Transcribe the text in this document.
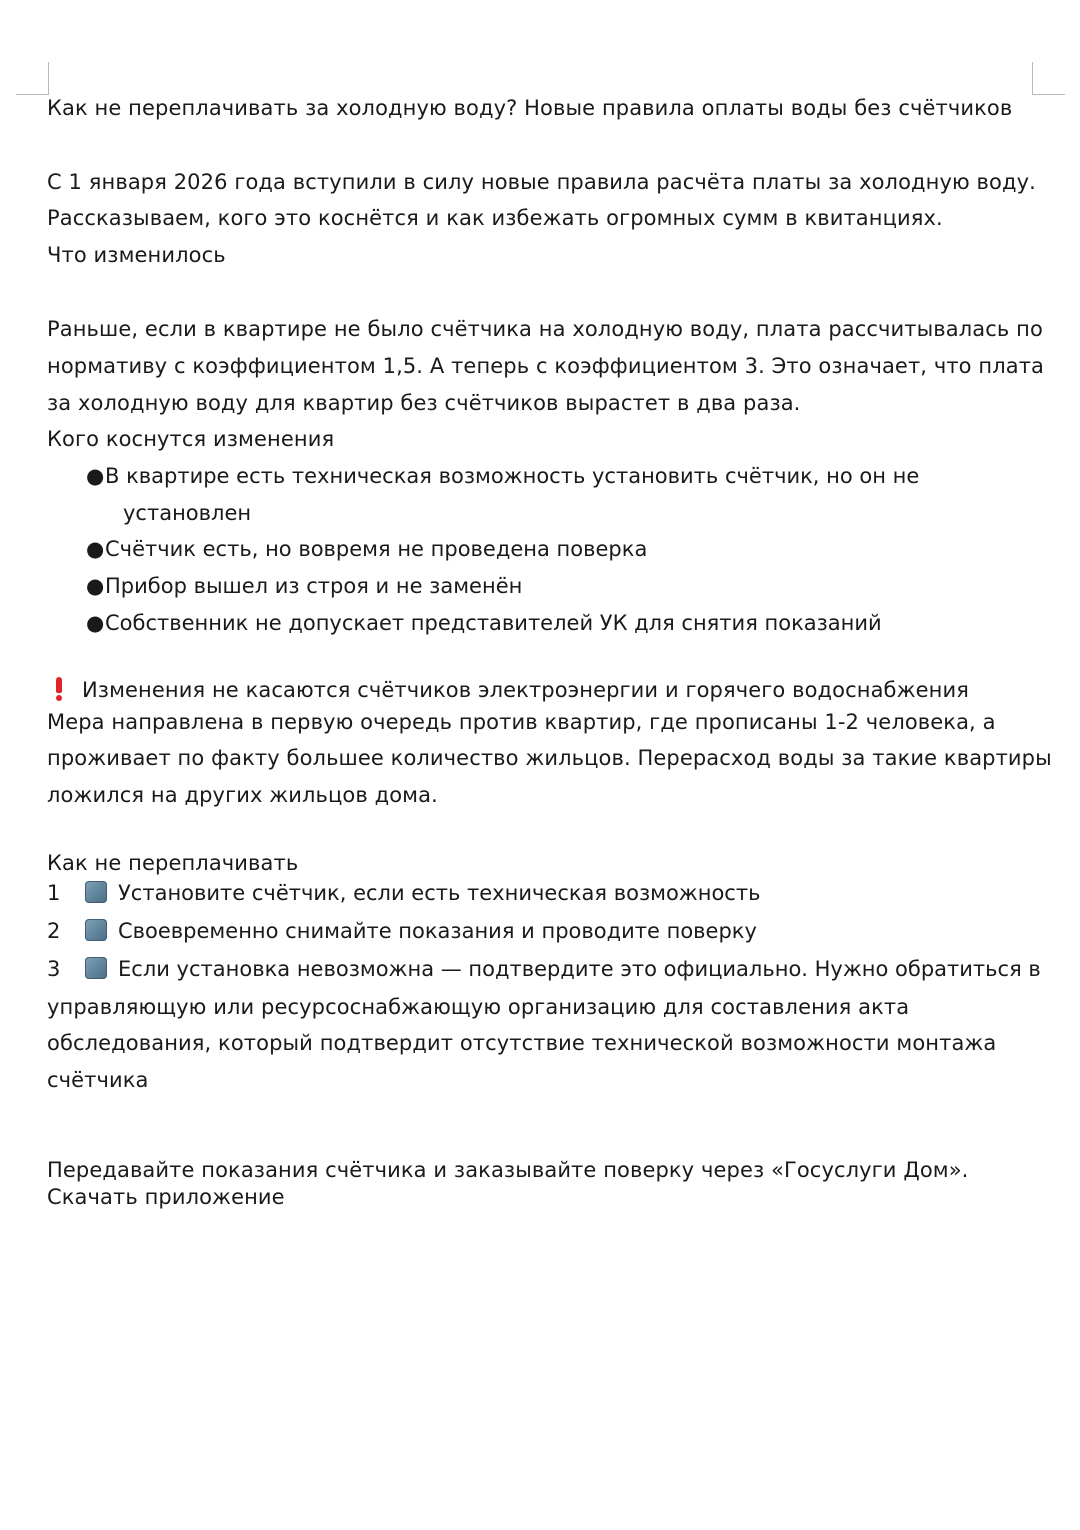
Как не переплачивать за холодную воду? Новые правила оплаты воды без счётчиков
С 1 января 2026 года вступили в силу новые правила расчёта платы за холодную воду.
Рассказываем, кого это коснётся и как избежать огромных сумм в квитанциях.
Что изменилось
Раньше, если в квартире не было счётчика на холодную воду, плата рассчитывалась по
нормативу с коэффициентом 1,5. А теперь с коэффициентом 3. Это означает, что плата
за холодную воду для квартир без счётчиков вырастет в два раза.
Кого коснутся изменения
●В квартире есть техническая возможность установить счётчик, но он не
установлен
●Счётчик есть, но вовремя не проведена поверка
●Прибор вышел из строя и не заменён
●Собственник не допускает представителей УК для снятия показаний
Изменения не касаются счётчиков электроэнергии и горячего водоснабжения
Мера направлена в первую очередь против квартир, где прописаны 1-2 человека, а
проживает по факту большее количество жильцов. Перерасход воды за такие квартиры
ложился на других жильцов дома.
Как не переплачивать
1	Установите счётчик, если есть техническая возможность
2	Своевременно снимайте показания и проводите поверку
3	Если установка невозможна — подтвердите это официально. Нужно обратиться в
управляющую или ресурсоснабжающую организацию для составления акта
обследования, который подтвердит отсутствие технической возможности монтажа
счётчика
Передавайте показания счётчика и заказывайте поверку через «Госуслуги Дом».
Скачать приложение
